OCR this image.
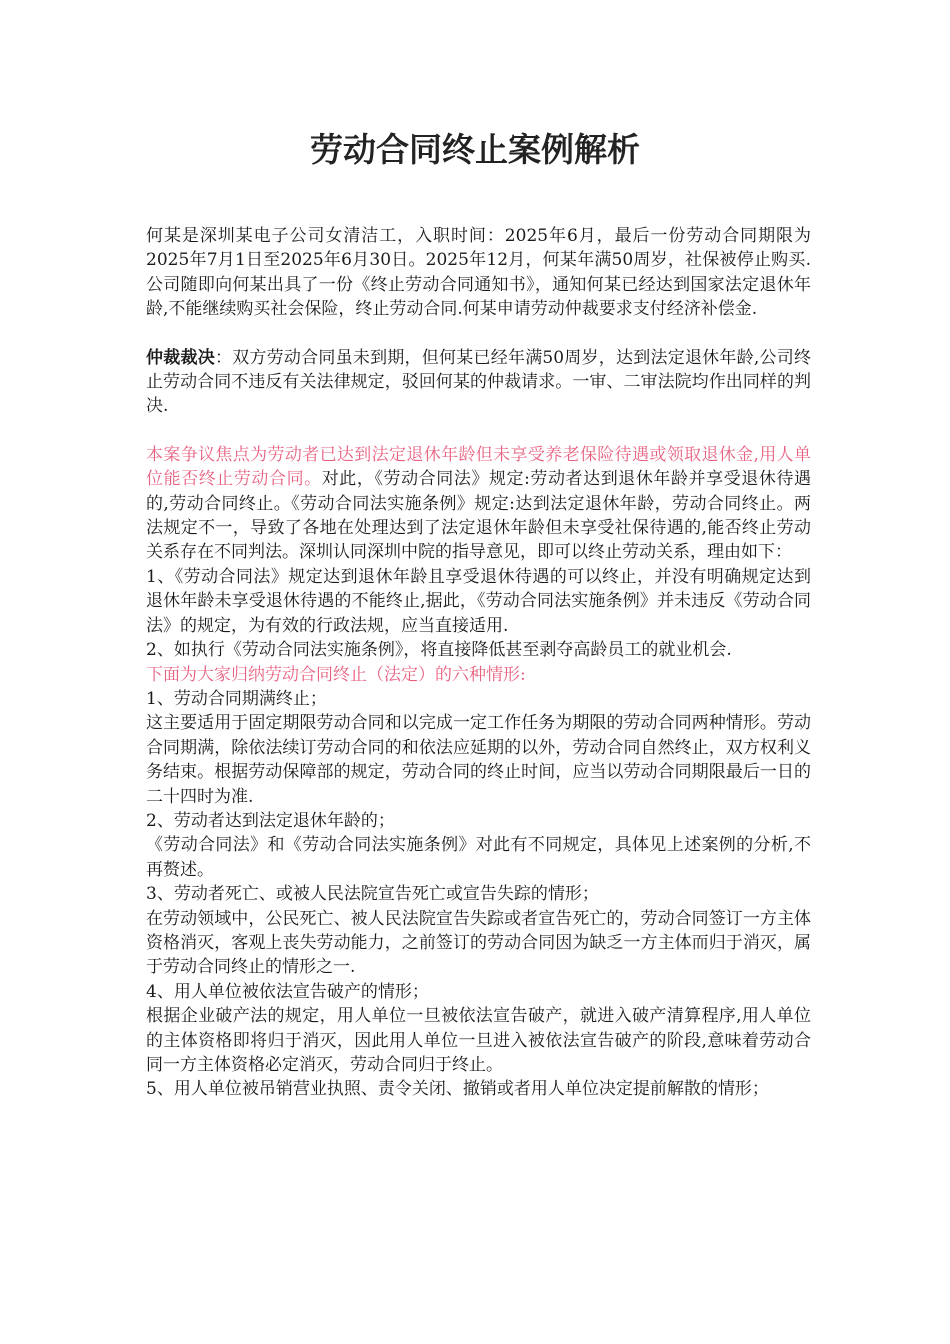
劳动合同终止案例解析

何某是深圳某电子公司女清洁工，入职时间：2025年6月，最后一份劳动合同期限为2025年7月1日至2025年6月30日。2025年12月，何某年满50周岁，社保被停止购买.公司随即向何某出具了一份《终止劳动合同通知书》，通知何某已经达到国家法定退休年龄,不能继续购买社会保险，终止劳动合同.何某申请劳动仲裁要求支付经济补偿金.

仲裁裁决：双方劳动合同虽未到期，但何某已经年满50周岁，达到法定退休年龄,公司终止劳动合同不违反有关法律规定，驳回何某的仲裁请求。一审、二审法院均作出同样的判决.

本案争议焦点为劳动者已达到法定退休年龄但未享受养老保险待遇或领取退休金,用人单位能否终止劳动合同。对此，《劳动合同法》规定:劳动者达到退休年龄并享受退休待遇的,劳动合同终止。《劳动合同法实施条例》规定:达到法定退休年龄，劳动合同终止。两法规定不一，导致了各地在处理达到了法定退休年龄但未享受社保待遇的,能否终止劳动关系存在不同判法。深圳认同深圳中院的指导意见，即可以终止劳动关系，理由如下：

1、《劳动合同法》规定达到退休年龄且享受退休待遇的可以终止，并没有明确规定达到退休年龄未享受退休待遇的不能终止,据此，《劳动合同法实施条例》并未违反《劳动合同法》的规定，为有效的行政法规，应当直接适用.

2、如执行《劳动合同法实施条例》，将直接降低甚至剥夺高龄员工的就业机会.

下面为大家归纳劳动合同终止（法定）的六种情形:

1、劳动合同期满终止；

这主要适用于固定期限劳动合同和以完成一定工作任务为期限的劳动合同两种情形。劳动合同期满，除依法续订劳动合同的和依法应延期的以外，劳动合同自然终止，双方权利义务结束。根据劳动保障部的规定，劳动合同的终止时间，应当以劳动合同期限最后一日的二十四时为准.

2、劳动者达到法定退休年龄的；

《劳动合同法》和《劳动合同法实施条例》对此有不同规定，具体见上述案例的分析,不再赘述。

3、劳动者死亡、或被人民法院宣告死亡或宣告失踪的情形；

在劳动领域中，公民死亡、被人民法院宣告失踪或者宣告死亡的，劳动合同签订一方主体资格消灭，客观上丧失劳动能力，之前签订的劳动合同因为缺乏一方主体而归于消灭，属于劳动合同终止的情形之一.

4、用人单位被依法宣告破产的情形；

根据企业破产法的规定，用人单位一旦被依法宣告破产，就进入破产清算程序,用人单位的主体资格即将归于消灭，因此用人单位一旦进入被依法宣告破产的阶段,意味着劳动合同一方主体资格必定消灭，劳动合同归于终止。

5、用人单位被吊销营业执照、责令关闭、撤销或者用人单位决定提前解散的情形；
